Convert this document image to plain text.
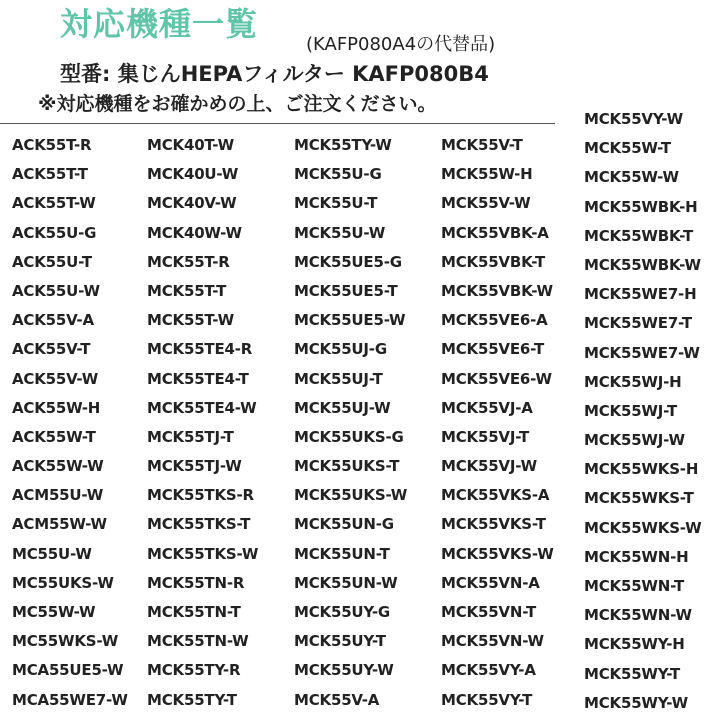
対応機種一覧
(KAFP080A4の代替品)
型番: 集じんHEPAフィルター KAFP080B4
※対応機種をお確かめの上、ご注文ください。
ACK55T-R
ACK55T-T
ACK55T-W
ACK55U-G
ACK55U-T
ACK55U-W
ACK55V-A
ACK55V-T
ACK55V-W
ACK55W-H
ACK55W-T
ACK55W-W
ACM55U-W
ACM55W-W
MC55U-W
MC55UKS-W
MC55W-W
MC55WKS-W
MCA55UE5-W
MCA55WE7-W
MCK40T-W
MCK40U-W
MCK40V-W
MCK40W-W
MCK55T-R
MCK55T-T
MCK55T-W
MCK55TE4-R
MCK55TE4-T
MCK55TE4-W
MCK55TJ-T
MCK55TJ-W
MCK55TKS-R
MCK55TKS-T
MCK55TKS-W
MCK55TN-R
MCK55TN-T
MCK55TN-W
MCK55TY-R
MCK55TY-T
MCK55TY-W
MCK55U-G
MCK55U-T
MCK55U-W
MCK55UE5-G
MCK55UE5-T
MCK55UE5-W
MCK55UJ-G
MCK55UJ-T
MCK55UJ-W
MCK55UKS-G
MCK55UKS-T
MCK55UKS-W
MCK55UN-G
MCK55UN-T
MCK55UN-W
MCK55UY-G
MCK55UY-T
MCK55UY-W
MCK55V-A
MCK55V-T
MCK55W-H
MCK55V-W
MCK55VBK-A
MCK55VBK-T
MCK55VBK-W
MCK55VE6-A
MCK55VE6-T
MCK55VE6-W
MCK55VJ-A
MCK55VJ-T
MCK55VJ-W
MCK55VKS-A
MCK55VKS-T
MCK55VKS-W
MCK55VN-A
MCK55VN-T
MCK55VN-W
MCK55VY-A
MCK55VY-T
MCK55VY-W
MCK55W-T
MCK55W-W
MCK55WBK-H
MCK55WBK-T
MCK55WBK-W
MCK55WE7-H
MCK55WE7-T
MCK55WE7-W
MCK55WJ-H
MCK55WJ-T
MCK55WJ-W
MCK55WKS-H
MCK55WKS-T
MCK55WKS-W
MCK55WN-H
MCK55WN-T
MCK55WN-W
MCK55WY-H
MCK55WY-T
MCK55WY-W
